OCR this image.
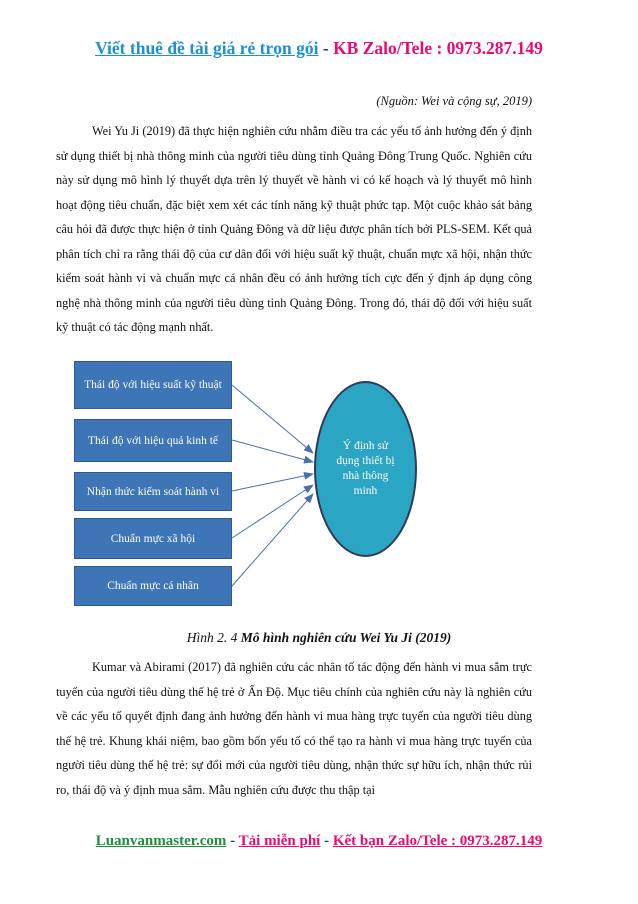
Viết thuê đề tài giá rẻ trọn gói - KB Zalo/Tele : 0973.287.149
(Nguồn: Wei và cộng sự, 2019)

Wei Yu Ji (2019) đã thực hiện nghiên cứu nhằm điều tra các yếu tố ảnh hưởng đến ý định sử dụng thiết bị nhà thông minh của người tiêu dùng tỉnh Quảng Đông Trung Quốc. Nghiên cứu này sử dụng mô hình lý thuyết dựa trên lý thuyết về hành vi có kế hoạch và lý thuyết mô hình hoạt động tiêu chuẩn, đặc biệt xem xét các tính năng kỹ thuật phức tạp. Một cuộc khảo sát bảng câu hỏi đã được thực hiện ở tỉnh Quảng Đông và dữ liệu được phân tích bởi PLS-SEM. Kết quả phân tích chỉ ra rằng thái độ của cư dân đối với hiệu suất kỹ thuật, chuẩn mực xã hội, nhận thức kiểm soát hành vi và chuẩn mực cá nhân đều có ảnh hưởng tích cực đến ý định áp dụng công nghệ nhà thông minh của người tiêu dùng tỉnh Quảng Đông. Trong đó, thái độ đối với hiệu suất kỹ thuật có tác động mạnh nhất.

Thái độ với hiệu suất kỹ thuật
Thái độ với hiệu quả kinh tế
Nhận thức kiểm soát hành vi
Chuẩn mực xã hội
Chuẩn mực cá nhân
Ý định sử dụng thiết bị nhà thông minh
Hình 2. 4 Mô hình nghiên cứu Wei Yu Ji (2019)

Kumar và Abirami (2017) đã nghiên cứu các nhân tố tác động đến hành vi mua sắm trực tuyến của người tiêu dùng thế hệ trẻ ở Ấn Độ. Mục tiêu chính của nghiên cứu này là nghiên cứu về các yếu tố quyết định đang ảnh hưởng đến hành vi mua hàng trực tuyến của người tiêu dùng thế hệ trẻ. Khung khái niệm, bao gồm bốn yếu tố có thể tạo ra hành vi mua hàng trực tuyến của người tiêu dùng thế hệ trẻ: sự đổi mới của người tiêu dùng, nhận thức sự hữu ích, nhận thức rủi ro, thái độ và ý định mua sắm. Mẫu nghiên cứu được thu thập tại

Luanvanmaster.com - Tải miễn phí - Kết bạn Zalo/Tele : 0973.287.149
